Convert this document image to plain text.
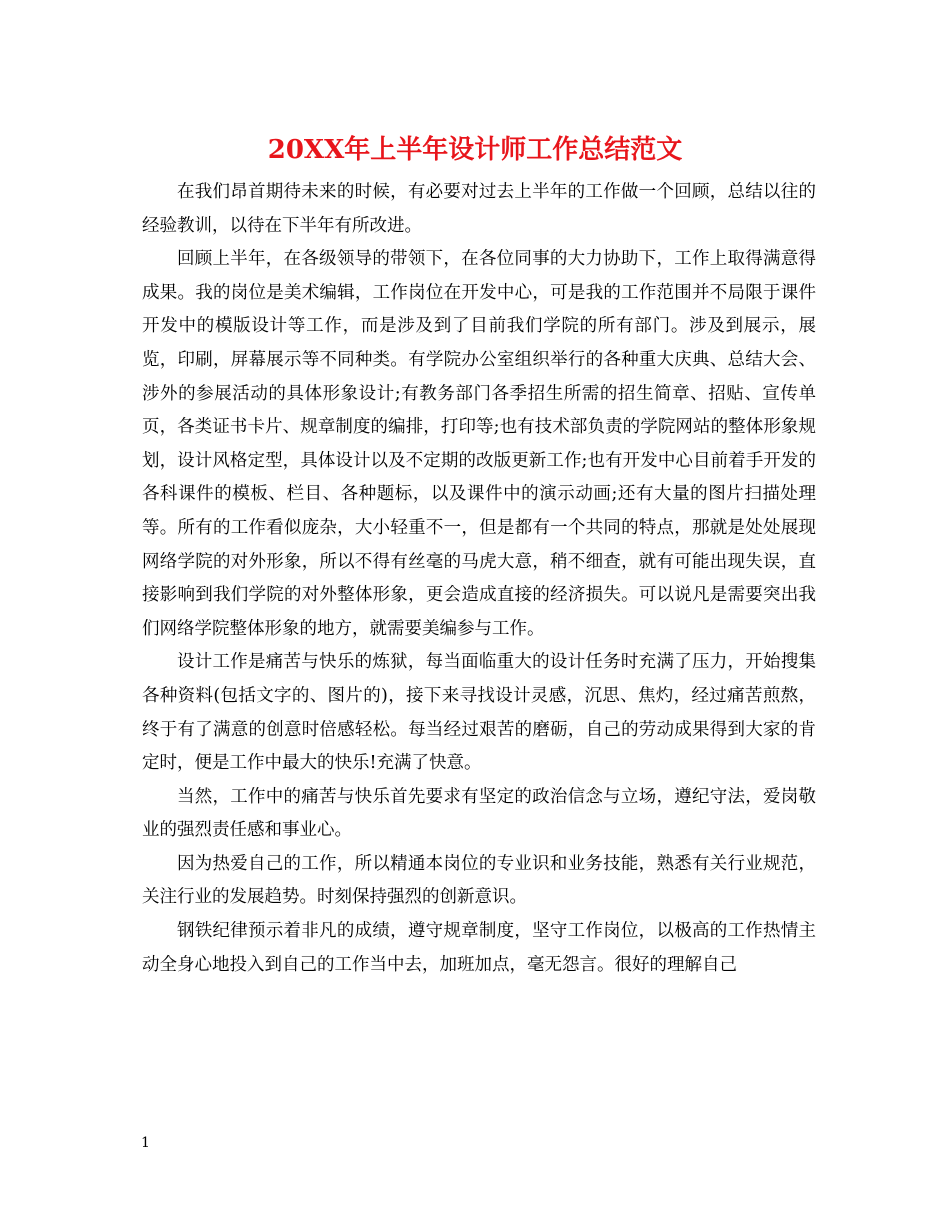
20XX年上半年设计师工作总结范文

在我们昂首期待未来的时候，有必要对过去上半年的工作做一个回顾，总结以往的经验教训，以待在下半年有所改进。

回顾上半年，在各级领导的带领下，在各位同事的大力协助下，工作上取得满意得成果。我的岗位是美术编辑，工作岗位在开发中心，可是我的工作范围并不局限于课件开发中的模版设计等工作，而是涉及到了目前我们学院的所有部门。涉及到展示，展览，印刷，屏幕展示等不同种类。有学院办公室组织举行的各种重大庆典、总结大会、涉外的参展活动的具体形象设计;有教务部门各季招生所需的招生简章、招贴、宣传单页，各类证书卡片、规章制度的编排，打印等;也有技术部负责的学院网站的整体形象规划，设计风格定型，具体设计以及不定期的改版更新工作;也有开发中心目前着手开发的各科课件的模板、栏目、各种题标，以及课件中的演示动画;还有大量的图片扫描处理等。所有的工作看似庞杂，大小轻重不一，但是都有一个共同的特点，那就是处处展现网络学院的对外形象，所以不得有丝毫的马虎大意，稍不细查，就有可能出现失误，直接影响到我们学院的对外整体形象，更会造成直接的经济损失。可以说凡是需要突出我们网络学院整体形象的地方，就需要美编参与工作。

设计工作是痛苦与快乐的炼狱，每当面临重大的设计任务时充满了压力，开始搜集各种资料(包括文字的、图片的)，接下来寻找设计灵感，沉思、焦灼，经过痛苦煎熬，终于有了满意的创意时倍感轻松。每当经过艰苦的磨砺，自己的劳动成果得到大家的肯定时，便是工作中最大的快乐!充满了快意。

当然，工作中的痛苦与快乐首先要求有坚定的政治信念与立场，遵纪守法，爱岗敬业的强烈责任感和事业心。

因为热爱自己的工作，所以精通本岗位的专业识和业务技能，熟悉有关行业规范，关注行业的发展趋势。时刻保持强烈的创新意识。

钢铁纪律预示着非凡的成绩，遵守规章制度，坚守工作岗位，以极高的工作热情主动全身心地投入到自己的工作当中去，加班加点，毫无怨言。很好的理解自己

1
